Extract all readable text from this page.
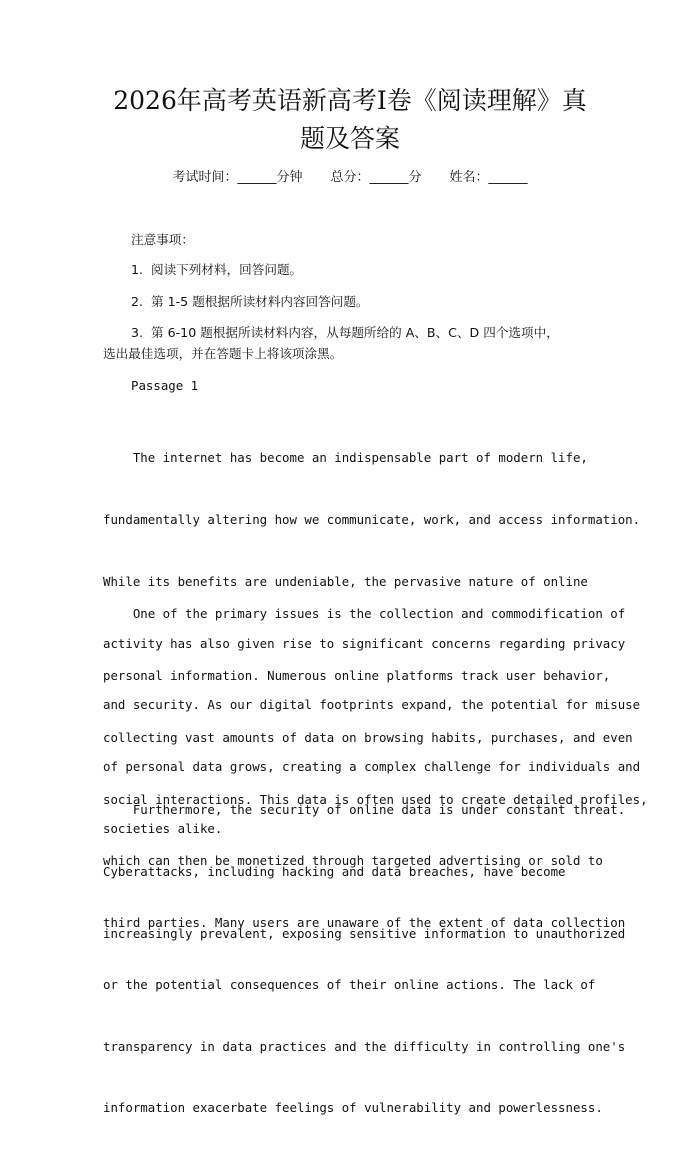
2026年高考英语新高考Ⅰ卷《阅读理解》真
题及答案
考试时间：______分钟 总分：______分 姓名：______
注意事项：
1.  阅读下列材料，回答问题。
2.  第 1-5 题根据所读材料内容回答问题。
3.  第 6-10 题根据所读材料内容，从每题所给的 A、B、C、D 四个选项中，
选出最佳选项，并在答题卡上将该项涂黑。
Passage 1

The internet has become an indispensable part of modern life,

fundamentally altering how we communicate, work, and access information.

While its benefits are undeniable, the pervasive nature of online

activity has also given rise to significant concerns regarding privacy

and security. As our digital footprints expand, the potential for misuse

of personal data grows, creating a complex challenge for individuals and

societies alike.

One of the primary issues is the collection and commodification of

personal information. Numerous online platforms track user behavior,

collecting vast amounts of data on browsing habits, purchases, and even

social interactions. This data is often used to create detailed profiles,

which can then be monetized through targeted advertising or sold to

third parties. Many users are unaware of the extent of data collection

or the potential consequences of their online actions. The lack of

transparency in data practices and the difficulty in controlling one's

information exacerbate feelings of vulnerability and powerlessness.

Furthermore, the security of online data is under constant threat.

Cyberattacks, including hacking and data breaches, have become

increasingly prevalent, exposing sensitive information to unauthorized
